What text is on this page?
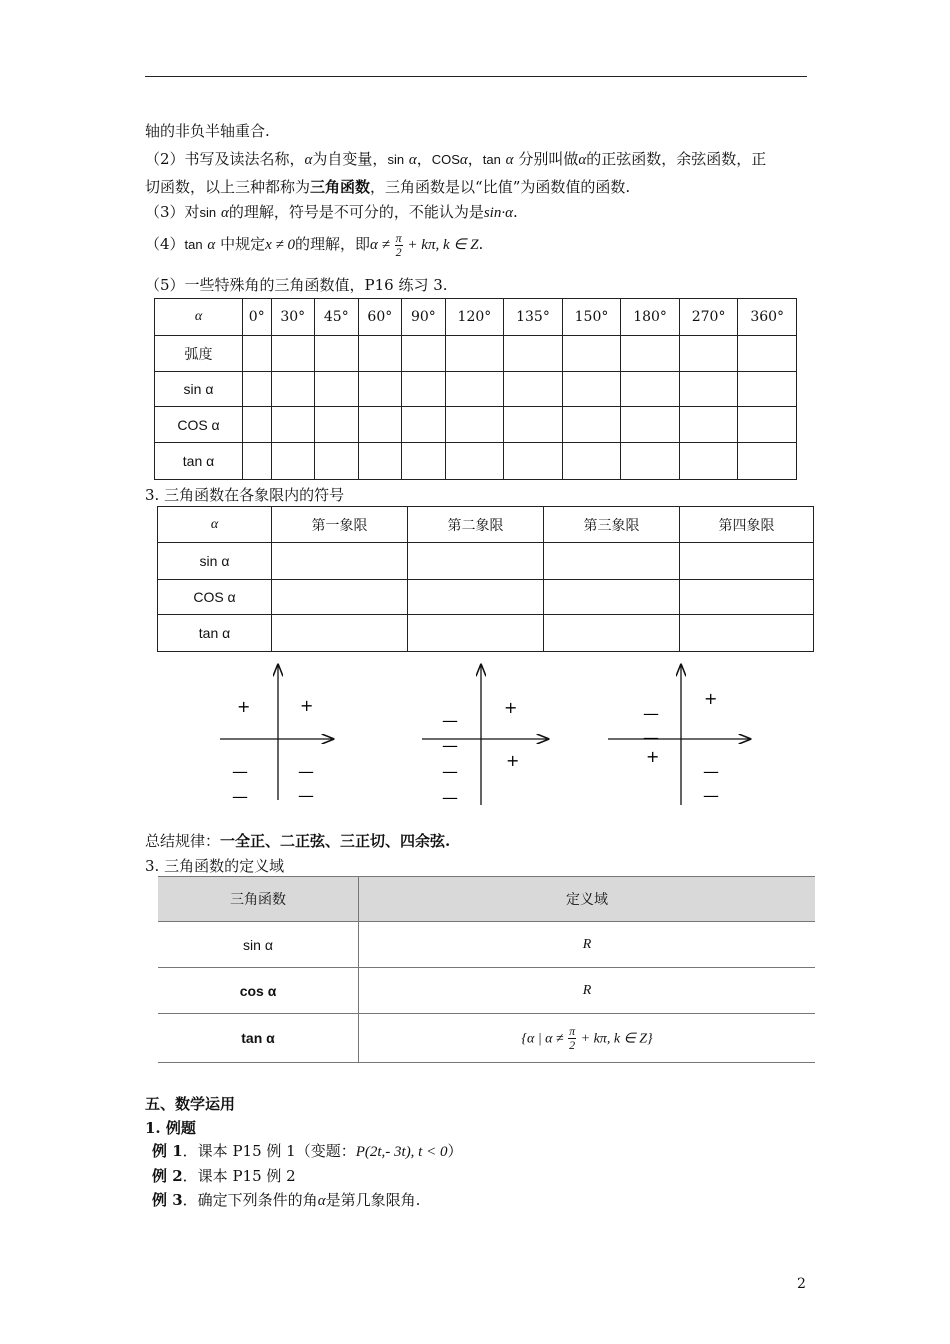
轴的非负半轴重合.
（2）书写及读法名称，α为自变量，sin α，COSα，tan α 分别叫做α的正弦函数，余弦函数，正
切函数，以上三种都称为三角函数，三角函数是以“比值”为函数值的函数.
（3）对sin α的理解，符号是不可分的，不能认为是sin·α.
（4）tan α 中规定x ≠ 0的理解，即$\alpha \ne \frac{\pi}{2} + k\pi$, k ∈ Z.
（5）一些特殊角的三角函数值，P16 练习 3.
α	0°	30°	45°	60°	90°	120°	135°	150°	180°	270°	360°
弧度											
sin α											
COS α											
tan α											
3. 三角函数在各象限内的符号
α	第一象限	第二象限	第三象限	第四象限
sin α				
COS α				
tan α				
+	+
—
—
—
—
—
—
+
—
—
+
—
—
+
+
—
—
总结规律：一全正、二正弦、三正切、四余弦.
3. 三角函数的定义域
三角函数	定义域
sin α	R
cos α	R
tan α	{α | $\alpha \ne \frac{\pi}{2} + k\pi$, k ∈ Z}
五、数学运用
1. 例题
例 1．课本 P15 例 1（变题：P(2t,- 3t), t < 0）
例 2．课本 P15 例 2
例 3．确定下列条件的角α是第几象限角.
2
